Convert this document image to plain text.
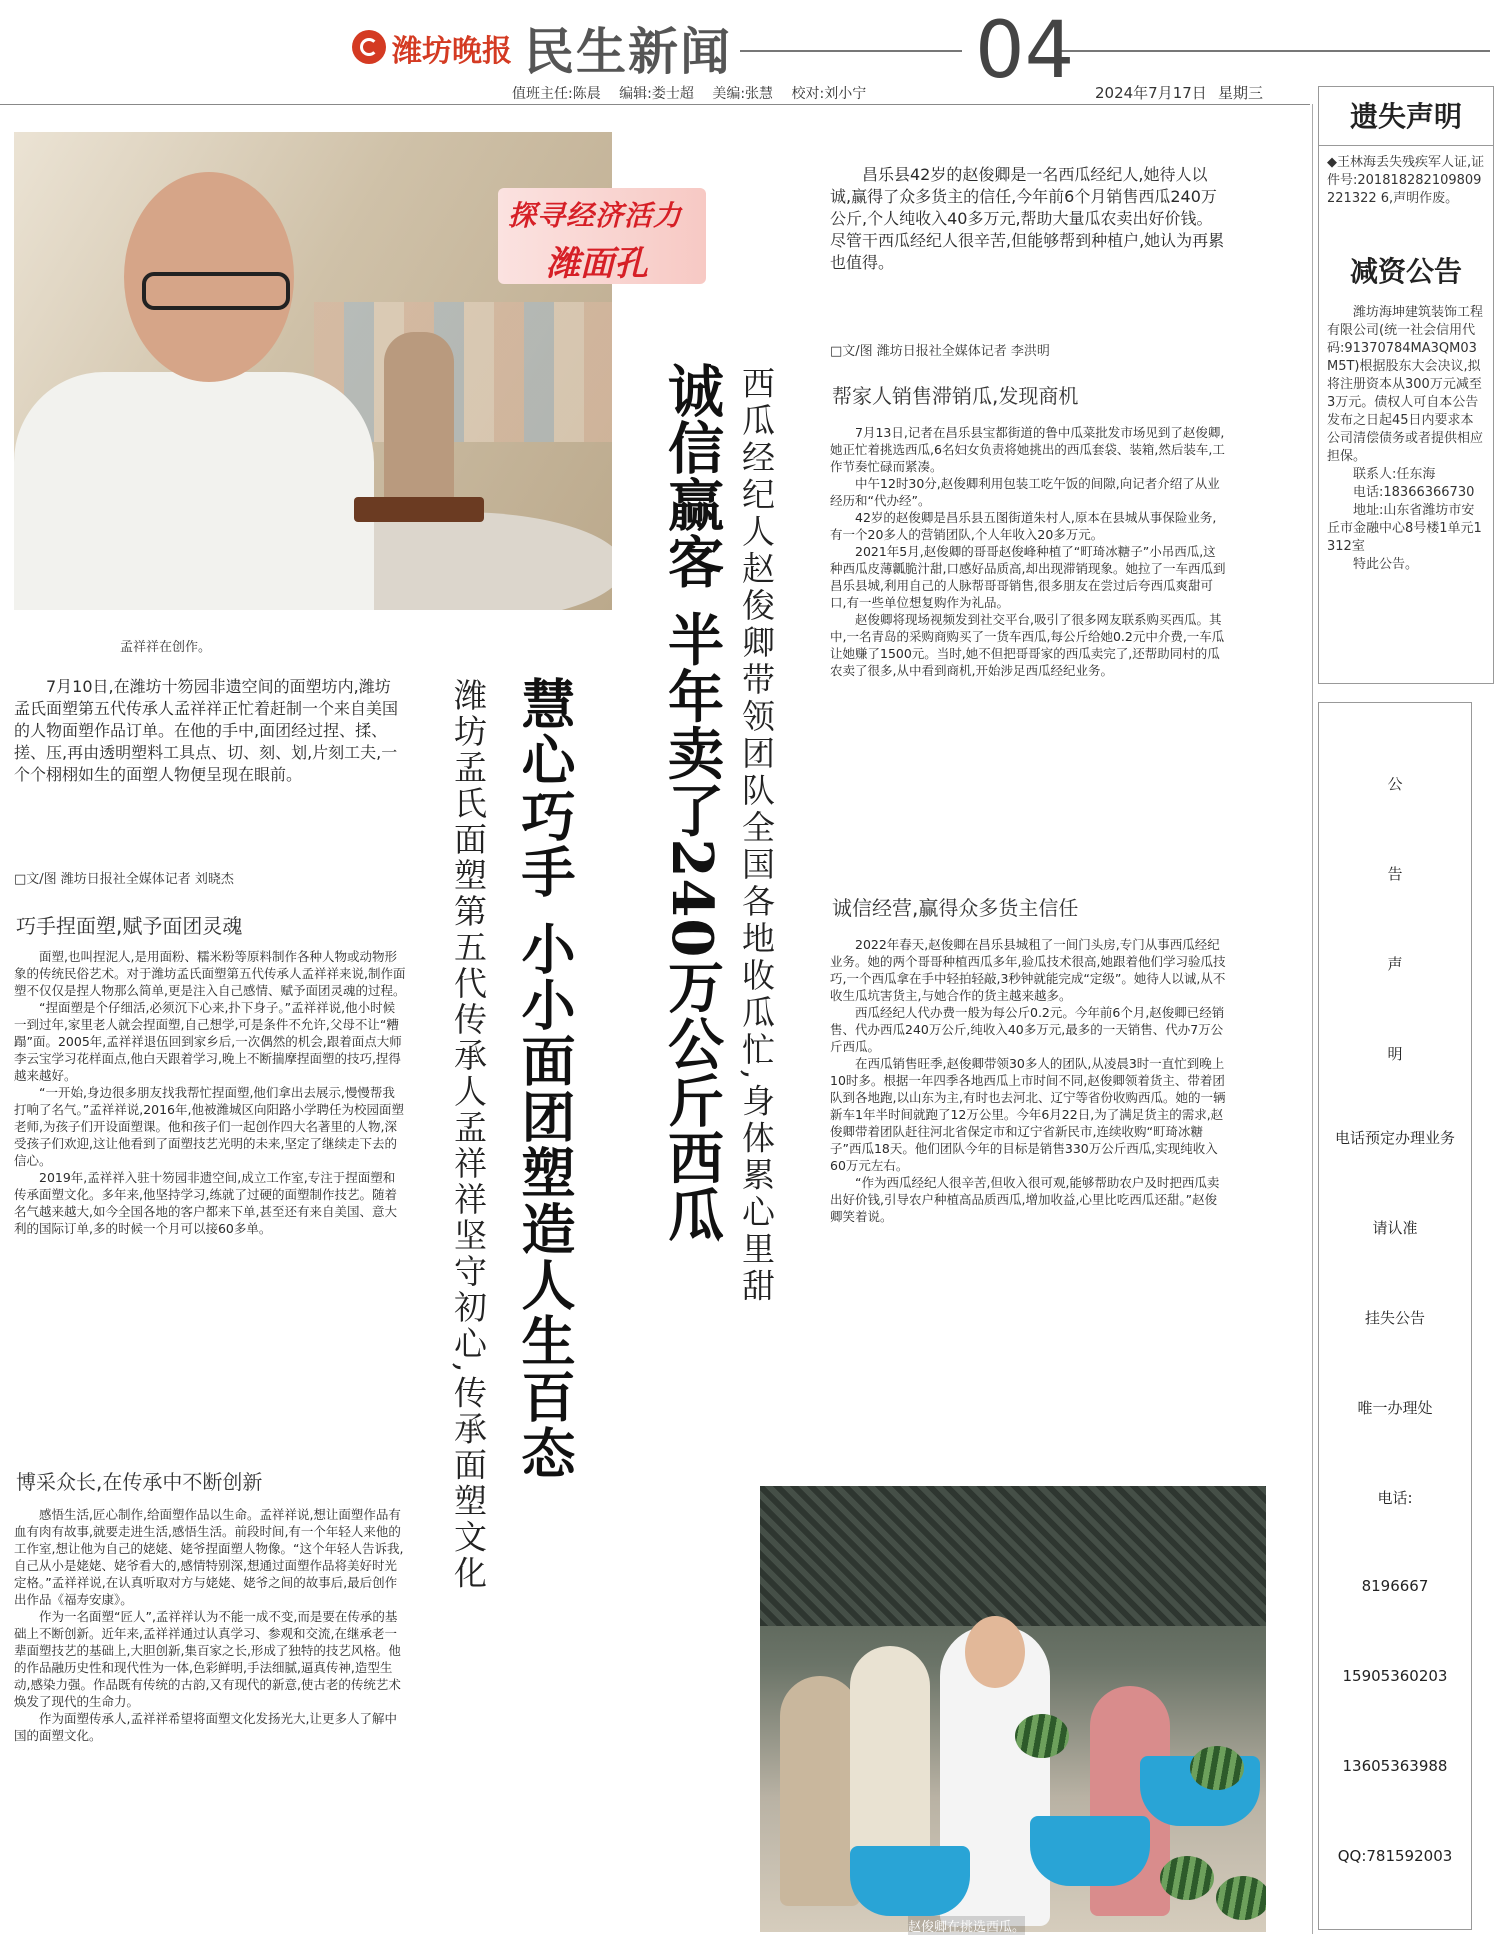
潍坊晚报 民生新闻	04
值班主任:陈晨 编辑:娄士超 美编:张慧 校对:刘小宁	2024年7月17日 星期三
孟祥祥在创作。
探寻经济活力
潍面孔
慧心巧手 小小面团塑造人生百态
潍坊孟氏面塑第五代传承人孟祥祥坚守初心,传承面塑文化

7月10日,在潍坊十笏园非遗空间的面塑坊内,潍坊孟氏面塑第五代传承人孟祥祥正忙着赶制一个来自美国的人物面塑作品订单。在他的手中,面团经过捏、揉、搓、压,再由透明塑料工具点、切、刻、划,片刻工夫,一个个栩栩如生的面塑人物便呈现在眼前。

□文/图 潍坊日报社全媒体记者 刘晓杰
巧手捏面塑,赋予面团灵魂

面塑,也叫捏泥人,是用面粉、糯米粉等原料制作各种人物或动物形象的传统民俗艺术。对于潍坊孟氏面塑第五代传承人孟祥祥来说,制作面塑不仅仅是捏人物那么简单,更是注入自己感情、赋予面团灵魂的过程。

“捏面塑是个仔细活,必须沉下心来,扑下身子。”孟祥祥说,他小时候一到过年,家里老人就会捏面塑,自己想学,可是条件不允许,父母不让“糟蹋”面。2005年,孟祥祥退伍回到家乡后,一次偶然的机会,跟着面点大师李云宝学习花样面点,他白天跟着学习,晚上不断揣摩捏面塑的技巧,捏得越来越好。

“一开始,身边很多朋友找我帮忙捏面塑,他们拿出去展示,慢慢帮我打响了名气。”孟祥祥说,2016年,他被潍城区向阳路小学聘任为校园面塑老师,为孩子们开设面塑课。他和孩子们一起创作四大名著里的人物,深受孩子们欢迎,这让他看到了面塑技艺光明的未来,坚定了继续走下去的信心。

2019年,孟祥祥入驻十笏园非遗空间,成立工作室,专注于捏面塑和传承面塑文化。多年来,他坚持学习,练就了过硬的面塑制作技艺。随着名气越来越大,如今全国各地的客户都来下单,甚至还有来自美国、意大利的国际订单,多的时候一个月可以接60多单。

博采众长,在传承中不断创新

感悟生活,匠心制作,给面塑作品以生命。孟祥祥说,想让面塑作品有血有肉有故事,就要走进生活,感悟生活。前段时间,有一个年轻人来他的工作室,想让他为自己的姥姥、姥爷捏面塑人物像。“这个年轻人告诉我,自己从小是姥姥、姥爷看大的,感情特别深,想通过面塑作品将美好时光定格。”孟祥祥说,在认真听取对方与姥姥、姥爷之间的故事后,最后创作出作品《福寿安康》。

作为一名面塑“匠人”,孟祥祥认为不能一成不变,而是要在传承的基础上不断创新。近年来,孟祥祥通过认真学习、参观和交流,在继承老一辈面塑技艺的基础上,大胆创新,集百家之长,形成了独特的技艺风格。他的作品融历史性和现代性为一体,色彩鲜明,手法细腻,逼真传神,造型生动,感染力强。作品既有传统的古韵,又有现代的新意,使古老的传统艺术焕发了现代的生命力。

作为面塑传承人,孟祥祥希望将面塑文化发扬光大,让更多人了解中国的面塑文化。

昌乐县42岁的赵俊卿是一名西瓜经纪人,她待人以诚,赢得了众多货主的信任,今年前6个月销售西瓜240万公斤,个人纯收入40多万元,帮助大量瓜农卖出好价钱。尽管干西瓜经纪人很辛苦,但能够帮到种植户,她认为再累也值得。

□文/图 潍坊日报社全媒体记者 李洪明
诚信赢客 半年卖了240万公斤西瓜 西瓜经纪人赵俊卿带领团队全国各地收瓜忙,身体累心里甜	帮家人销售滞销瓜,发现商机

7月13日,记者在昌乐县宝都街道的鲁中瓜菜批发市场见到了赵俊卿,她正忙着挑选西瓜,6名妇女负责将她挑出的西瓜套袋、装箱,然后装车,工作节奏忙碌而紧凑。

中午12时30分,赵俊卿利用包装工吃午饭的间隙,向记者介绍了从业经历和“代办经”。

42岁的赵俊卿是昌乐县五图街道朱村人,原本在县城从事保险业务,有一个20多人的营销团队,个人年收入20多万元。

2021年5月,赵俊卿的哥哥赵俊峰种植了“町琦冰糖子”小吊西瓜,这种西瓜皮薄瓤脆汁甜,口感好品质高,却出现滞销现象。她拉了一车西瓜到昌乐县城,利用自己的人脉帮哥哥销售,很多朋友在尝过后夸西瓜爽甜可口,有一些单位想复购作为礼品。

赵俊卿将现场视频发到社交平台,吸引了很多网友联系购买西瓜。其中,一名青岛的采购商购买了一货车西瓜,每公斤给她0.2元中介费,一车瓜让她赚了1500元。当时,她不但把哥哥家的西瓜卖完了,还帮助同村的瓜农卖了很多,从中看到商机,开始涉足西瓜经纪业务。

诚信经营,赢得众多货主信任

2022年春天,赵俊卿在昌乐县城租了一间门头房,专门从事西瓜经纪业务。她的两个哥哥种植西瓜多年,验瓜技术很高,她跟着他们学习验瓜技巧,一个西瓜拿在手中轻拍轻敲,3秒钟就能完成“定级”。她待人以诚,从不收生瓜坑害货主,与她合作的货主越来越多。

西瓜经纪人代办费一般为每公斤0.2元。今年前6个月,赵俊卿已经销售、代办西瓜240万公斤,纯收入40多万元,最多的一天销售、代办7万公斤西瓜。

在西瓜销售旺季,赵俊卿带领30多人的团队,从凌晨3时一直忙到晚上10时多。根据一年四季各地西瓜上市时间不同,赵俊卿领着货主、带着团队到各地跑,以山东为主,有时也去河北、辽宁等省份收购西瓜。她的一辆新车1年半时间就跑了12万公里。今年6月22日,为了满足货主的需求,赵俊卿带着团队赶往河北省保定市和辽宁省新民市,连续收购“町琦冰糖子”西瓜18天。他们团队今年的目标是销售330万公斤西瓜,实现纯收入60万元左右。

“作为西瓜经纪人很辛苦,但收入很可观,能够帮助农户及时把西瓜卖出好价钱,引导农户种植高品质西瓜,增加收益,心里比吃西瓜还甜。”赵俊卿笑着说。

赵俊卿在挑选西瓜。
遗失声明
◆王林海丢失残疾军人证,证件号:201818282109809221322 6,声明作废。
减资公告

潍坊海坤建筑装饰工程有限公司(统一社会信用代码:91370784MA3QM03M5T)根据股东大会决议,拟将注册资本从300万元减至3万元。债权人可自本公告发布之日起45日内要求本公司清偿债务或者提供相应担保。

联系人:任东海

电话:18366366730

地址:山东省潍坊市安丘市金融中心8号楼1单元1312室

特此公告。

公
告
声
明
电话预定办理业务
请认准
挂失公告
唯一办理处
电话:
8196667
15905360203
13605363988
QQ:781592003
